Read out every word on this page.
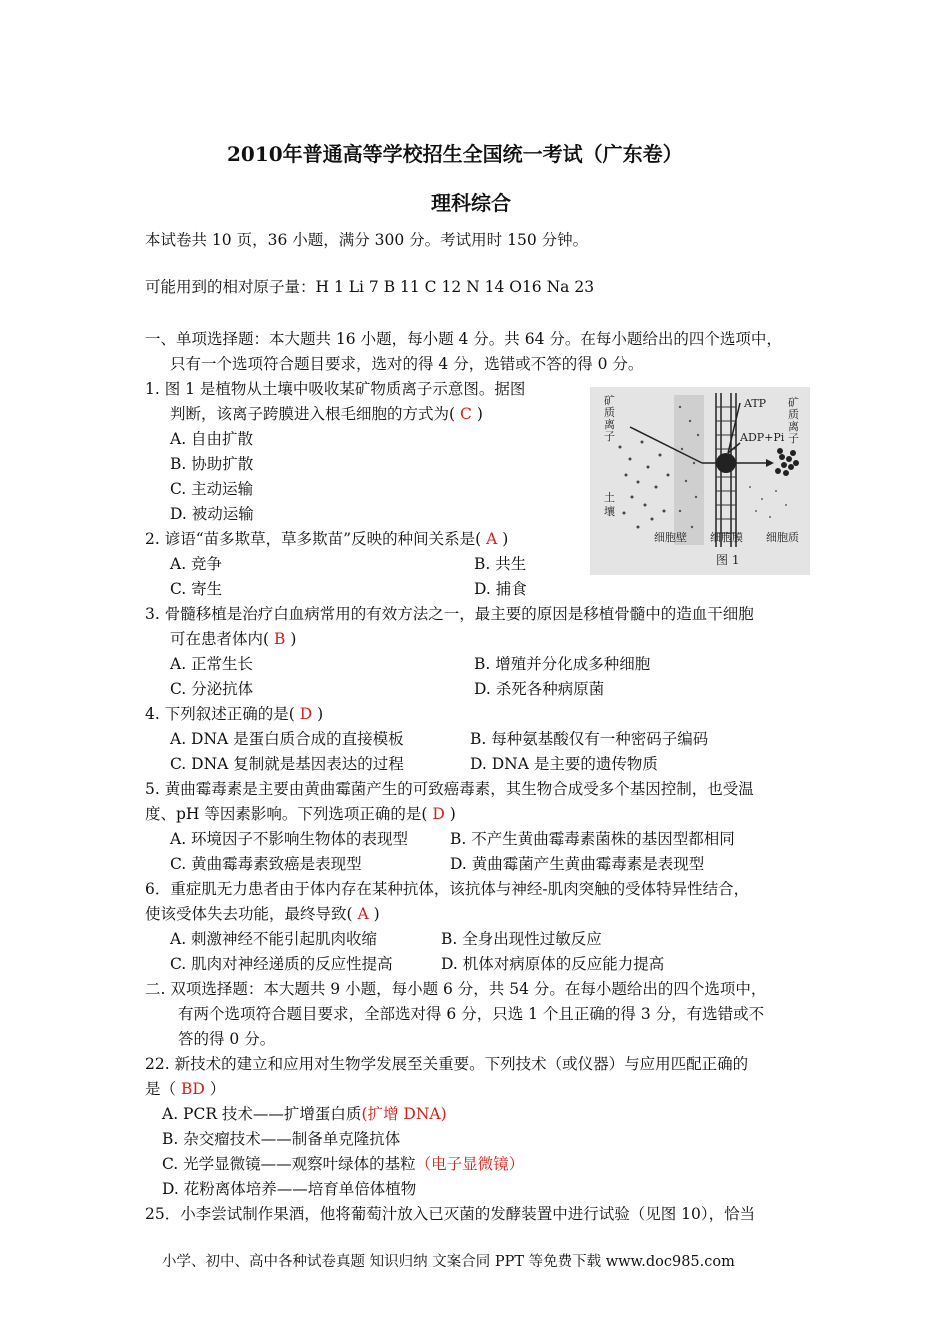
2010年普通高等学校招生全国统一考试（广东卷）
理科综合
本试卷共 10 页，36 小题，满分 300 分。考试用时 150 分钟。
可能用到的相对原子量：H 1 Li 7 B 11 C 12 N 14 O16 Na 23
一、单项选择题：本大题共 16 小题，每小题 4 分。共 64 分。在每小题给出的四个选项中，
只有一个选项符合题目要求，选对的得 4 分，选错或不答的得 0 分。
1. 图 1 是植物从土壤中吸收某矿物质离子示意图。据图
判断，该离子跨膜进入根毛细胞的方式为( C )
A. 自由扩散
B. 协助扩散
C. 主动运输
D. 被动运输
矿质离子
矿质离子
土壤
ATP
ADP+Pi
细胞壁 细胞膜 细胞质
图 1
2. 谚语“苗多欺草，草多欺苗”反映的种间关系是( A )
A. 竞争	B. 共生
C. 寄生	D. 捕食
3. 骨髓移植是治疗白血病常用的有效方法之一，最主要的原因是移植骨髓中的造血干细胞
可在患者体内( B )
A. 正常生长	B. 增殖并分化成多种细胞
C. 分泌抗体	D. 杀死各种病原菌
4. 下列叙述正确的是( D )
A. DNA 是蛋白质合成的直接模板	B. 每种氨基酸仅有一种密码子编码
C. DNA 复制就是基因表达的过程	D. DNA 是主要的遗传物质
5. 黄曲霉毒素是主要由黄曲霉菌产生的可致癌毒素，其生物合成受多个基因控制，也受温
度、pH 等因素影响。下列选项正确的是( D )
A. 环境因子不影响生物体的表现型	B. 不产生黄曲霉毒素菌株的基因型都相同
C. 黄曲霉毒素致癌是表现型	D. 黄曲霉菌产生黄曲霉毒素是表现型
6．重症肌无力患者由于体内存在某种抗体，该抗体与神经-肌肉突触的受体特异性结合，
使该受体失去功能，最终导致( A )
A. 刺激神经不能引起肌肉收缩	B. 全身出现性过敏反应
C. 肌肉对神经递质的反应性提高	D. 机体对病原体的反应能力提高
二. 双项选择题：本大题共 9 小题，每小题 6 分，共 54 分。在每小题给出的四个选项中，
有两个选项符合题目要求，全部选对得 6 分，只选 1 个且正确的得 3 分，有选错或不
答的得 0 分。
22. 新技术的建立和应用对生物学发展至关重要。下列技术（或仪器）与应用匹配正确的
是（ BD ）
A. PCR 技术——扩增蛋白质(扩增 DNA)
B. 杂交瘤技术——制备单克隆抗体
C. 光学显微镜——观察叶绿体的基粒（电子显微镜）
D. 花粉离体培养——培育单倍体植物
25．小李尝试制作果酒，他将葡萄汁放入已灭菌的发酵装置中进行试验（见图 10），恰当
小学、初中、高中各种试卷真题 知识归纳 文案合同 PPT 等免费下载 www.doc985.com
